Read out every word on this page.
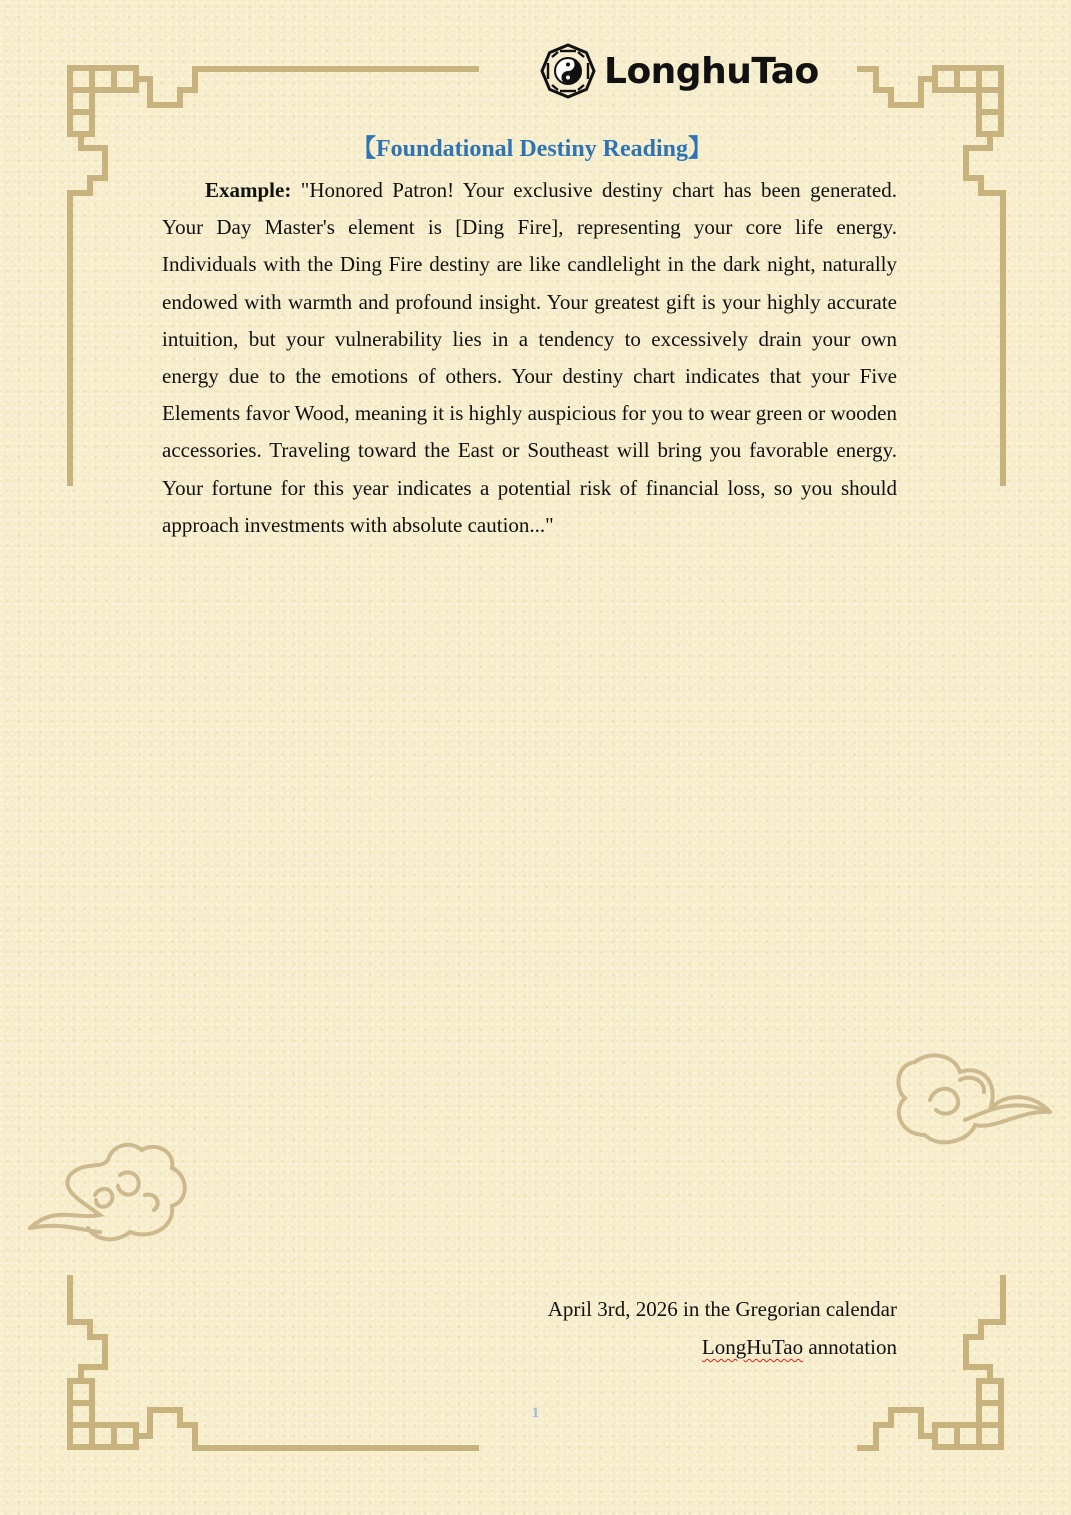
LonghuTao
【Foundational Destiny Reading】

Example: "Honored Patron! Your exclusive destiny chart has been generated. Your Day Master's element is [Ding Fire], representing your core life energy. Individuals with the Ding Fire destiny are like candlelight in the dark night, naturally endowed with warmth and profound insight. Your greatest gift is your highly accurate intuition, but your vulnerability lies in a tendency to excessively drain your own energy due to the emotions of others. Your destiny chart indicates that your Five Elements favor Wood, meaning it is highly auspicious for you to wear green or wooden accessories. Traveling toward the East or Southeast will bring you favorable energy. Your fortune for this year indicates a potential risk of financial loss, so you should approach investments with absolute caution..."

April 3rd, 2026 in the Gregorian calendar
LongHuTao annotation
1
